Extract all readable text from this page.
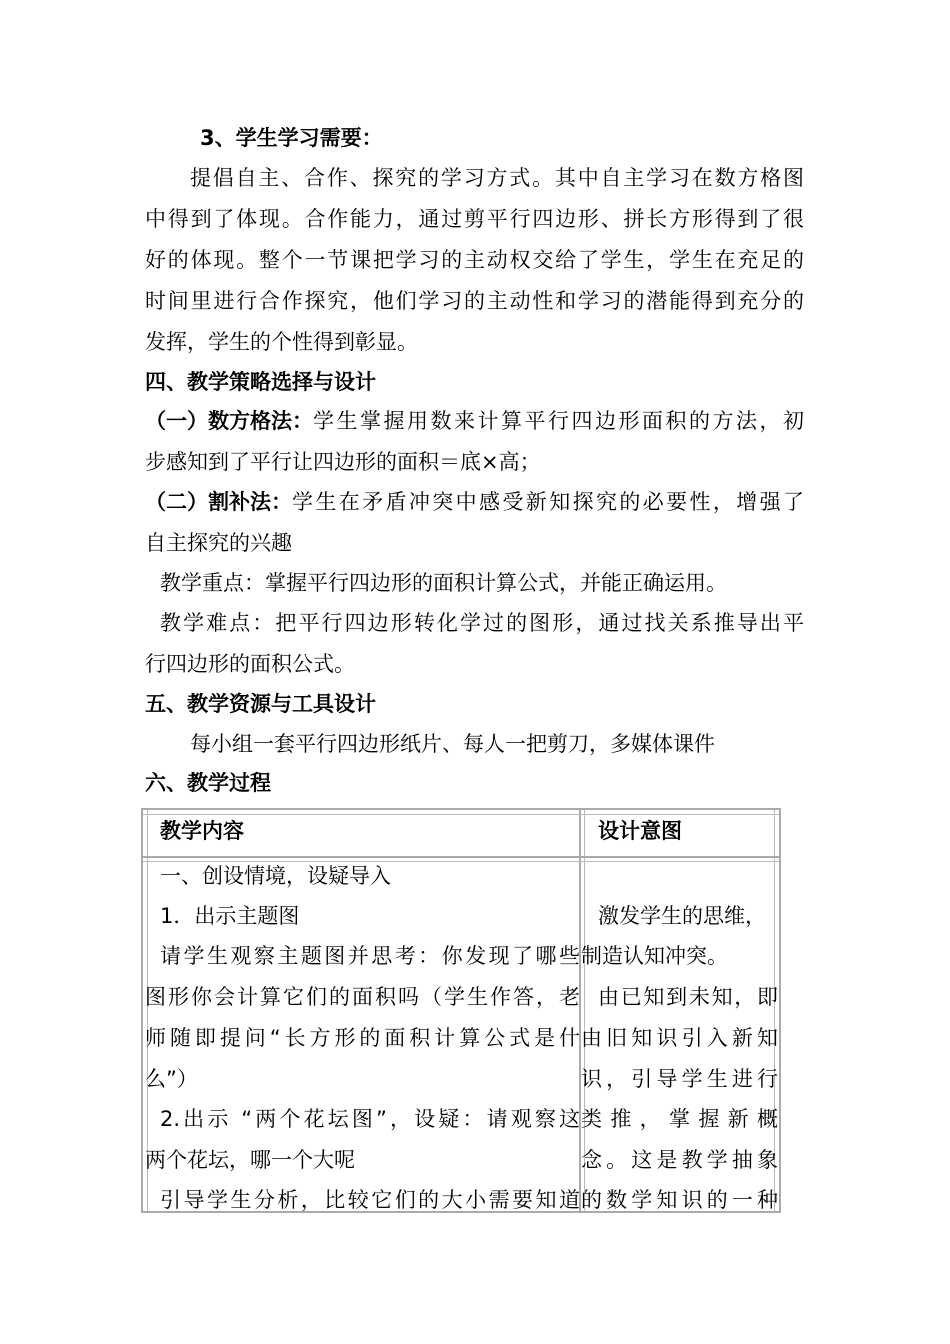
3、学生学习需要：
提倡自主、合作、探究的学习方式。其中自主学习在数方格图
中得到了体现。合作能力，通过剪平行四边形、拼长方形得到了很
好的体现。整个一节课把学习的主动权交给了学生，学生在充足的
时间里进行合作探究，他们学习的主动性和学习的潜能得到充分的
发挥，学生的个性得到彰显。
四、教学策略选择与设计
（一）数方格法： 学生掌握用数来计算平行四边形面积的方法，初
步感知到了平行让四边形的面积＝底×高；
（二）割补法： 学生在矛盾冲突中感受新知探究的必要性，增强了
自主探究的兴趣
教学重点：掌握平行四边形的面积计算公式，并能正确运用。
教学难点：把平行四边形转化学过的图形，通过找关系推导出平
行四边形的面积公式。
五、教学资源与工具设计
每小组一套平行四边形纸片、每人一把剪刀，多媒体课件
六、教学过程
教学内容	设计意图
一、创设情境，设疑导入
1．出示主题图
请学生观察主题图并思考：你发现了哪些
图形你会计算它们的面积吗（学生作答，老
师随即提问“长方形的面积计算公式是什
么”）
2.出示 “两个花坛图”，设疑：请观察这
两个花坛，哪一个大呢
引导学生分析，比较它们的大小需要知道
激发学生的思维，
制造认知冲突。
由已知到未知，即
由旧知识引入新知
识，引导学生进行
类推，掌握新概
念。这是教学抽象
的数学知识的一种
